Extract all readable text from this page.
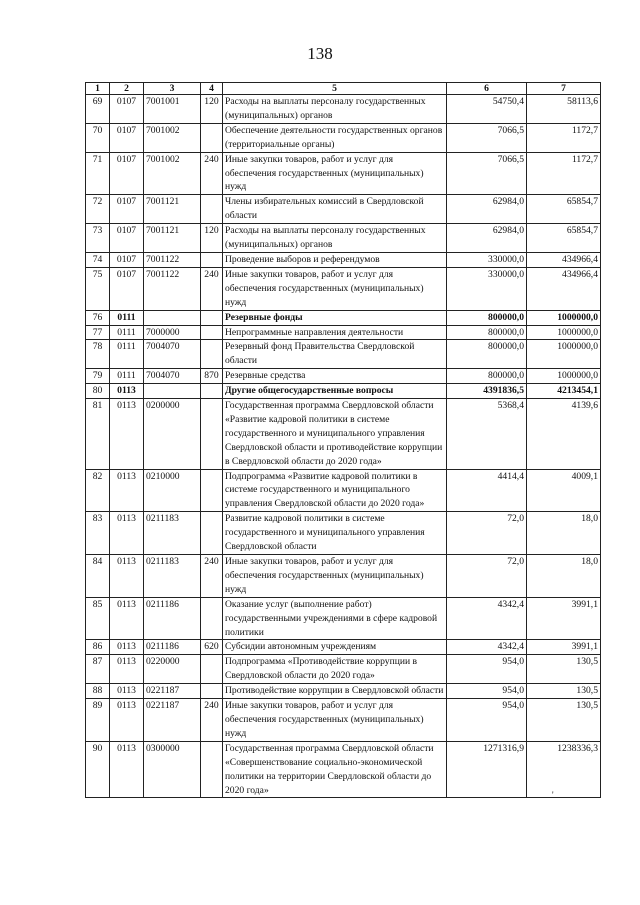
138
1	2	3	4	5	6	7
69	0107	7001001	120	Расходы на выплаты персоналу государственных (муниципальных) органов	54750,4	58113,6
70	0107	7001002		Обеспечение деятельности государственных органов (территориальные органы)	7066,5	1172,7
71	0107	7001002	240	Иные закупки товаров, работ и услуг для обеспечения государственных (муниципальных) нужд	7066,5	1172,7
72	0107	7001121		Члены избирательных комиссий в Свердловской области	62984,0	65854,7
73	0107	7001121	120	Расходы на выплаты персоналу государственных (муниципальных) органов	62984,0	65854,7
74	0107	7001122		Проведение выборов и референдумов	330000,0	434966,4
75	0107	7001122	240	Иные закупки товаров, работ и услуг для обеспечения государственных (муниципальных) нужд	330000,0	434966,4
76	0111			Резервные фонды	800000,0	1000000,0
77	0111	7000000		Непрограммные направления деятельности	800000,0	1000000,0
78	0111	7004070		Резервный фонд Правительства Свердловской области	800000,0	1000000,0
79	0111	7004070	870	Резервные средства	800000,0	1000000,0
80	0113			Другие общегосударственные вопросы	4391836,5	4213454,1
81	0113	0200000		Государственная программа Свердловской области «Развитие кадровой политики в системе государственного и муниципального управления Свердловской области и противодействие коррупции в Свердловской области до 2020 года»	5368,4	4139,6
82	0113	0210000		Подпрограмма «Развитие кадровой политики в системе государственного и муниципального управления Свердловской области до 2020 года»	4414,4	4009,1
83	0113	0211183		Развитие кадровой политики в системе государственного и муниципального управления Свердловской области	72,0	18,0
84	0113	0211183	240	Иные закупки товаров, работ и услуг для обеспечения государственных (муниципальных) нужд	72,0	18,0
85	0113	0211186		Оказание услуг (выполнение работ) государственными учреждениями в сфере кадровой политики	4342,4	3991,1
86	0113	0211186	620	Субсидии автономным учреждениям	4342,4	3991,1
87	0113	0220000		Подпрограмма «Противодействие коррупции в Свердловской области до 2020 года»	954,0	130,5
88	0113	0221187		Противодействие коррупции в Свердловской области	954,0	130,5
89	0113	0221187	240	Иные закупки товаров, работ и услуг для обеспечения государственных (муниципальных) нужд	954,0	130,5
90	0113	0300000		Государственная программа Свердловской области «Совершенствование социально-экономической политики на территории Свердловской области до 2020 года»	1271316,9	1238336,3
'
